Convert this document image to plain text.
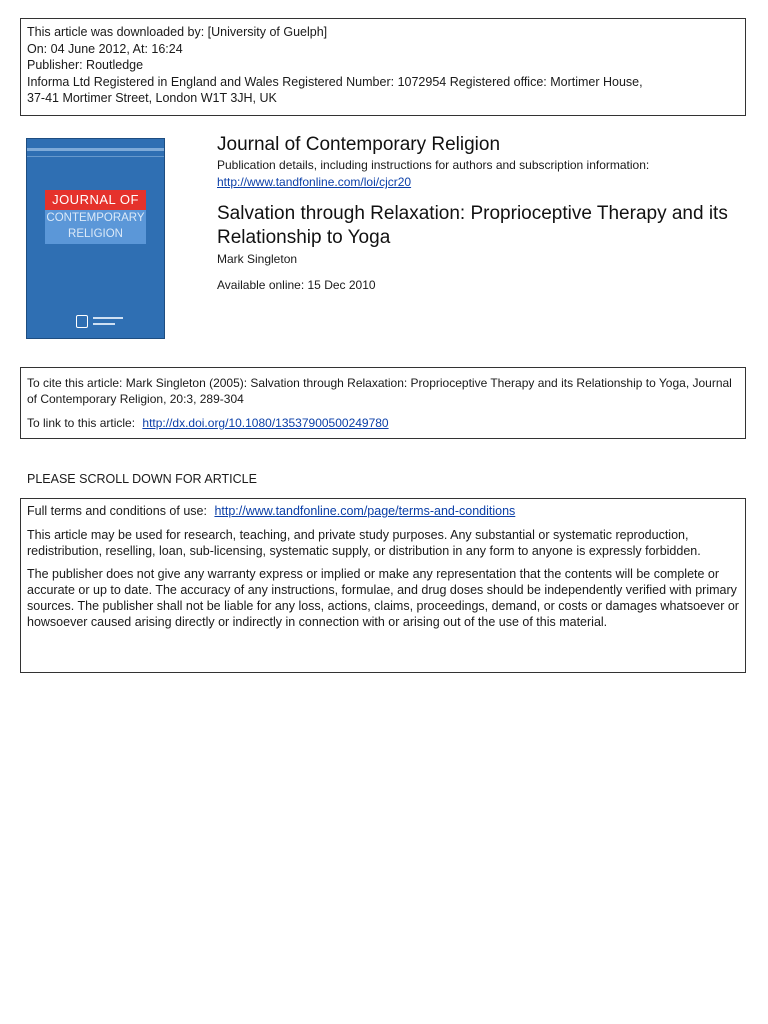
This article was downloaded by: [University of Guelph]
On: 04 June 2012, At: 16:24
Publisher: Routledge
Informa Ltd Registered in England and Wales Registered Number: 1072954 Registered office: Mortimer House,
37-41 Mortimer Street, London W1T 3JH, UK
JOURNAL OF
CONTEMPORARY RELIGION
Journal of Contemporary Religion
Publication details, including instructions for authors and subscription information:
http://www.tandfonline.com/loi/cjcr20
Salvation through Relaxation: Proprioceptive Therapy and its Relationship to Yoga
Mark Singleton
Available online: 15 Dec 2010
To cite this article: Mark Singleton (2005): Salvation through Relaxation: Proprioceptive Therapy and its Relationship to Yoga, Journal of Contemporary Religion, 20:3, 289-304
To link to this article: http://dx.doi.org/10.1080/13537900500249780
PLEASE SCROLL DOWN FOR ARTICLE

Full terms and conditions of use: http://www.tandfonline.com/page/terms-and-conditions

This article may be used for research, teaching, and private study purposes. Any substantial or systematic reproduction, redistribution, reselling, loan, sub-licensing, systematic supply, or distribution in any form to anyone is expressly forbidden.

The publisher does not give any warranty express or implied or make any representation that the contents will be complete or accurate or up to date. The accuracy of any instructions, formulae, and drug doses should be independently verified with primary sources. The publisher shall not be liable for any loss, actions, claims, proceedings, demand, or costs or damages whatsoever or howsoever caused arising directly or indirectly in connection with or arising out of the use of this material.
